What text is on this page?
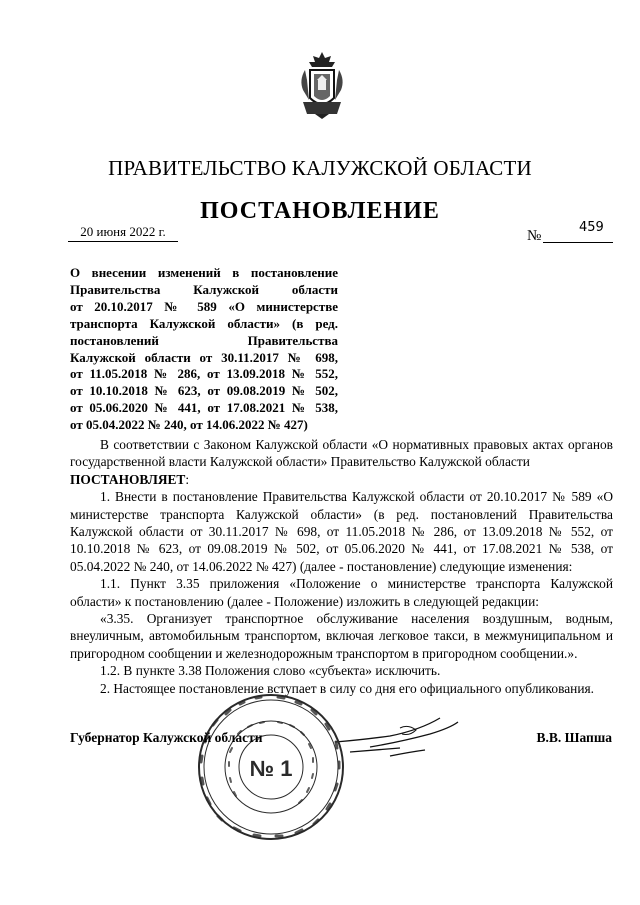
ПРАВИТЕЛЬСТВО КАЛУЖСКОЙ ОБЛАСТИ
ПОСТАНОВЛЕНИЕ
20 июня 2022 г.	№
459
О внесении изменений в постановление
Правительства Калужской области
от 20.10.2017 № 589 «О министерстве
транспорта Калужской области» (в ред.
постановлений Правительства
Калужской области от 30.11.2017 № 698,
от 11.05.2018 № 286, от 13.09.2018 № 552,
от 10.10.2018 № 623, от 09.08.2019 № 502,
от 05.06.2020 № 441, от 17.08.2021 № 538,
от 05.04.2022 № 240, от 14.06.2022 № 427)

В соответствии с Законом Калужской области «О нормативных правовых актах органов государственной власти Калужской области» Правительство Калужской области

ПОСТАНОВЛЯЕТ:

1. Внести в постановление Правительства Калужской области от 20.10.2017 № 589 «О министерстве транспорта Калужской области» (в ред. постановлений Правительства Калужской области от 30.11.2017 № 698, от 11.05.2018 № 286, от 13.09.2018 № 552, от 10.10.2018 № 623, от 09.08.2019 № 502, от 05.06.2020 № 441, от 17.08.2021 № 538, от 05.04.2022 № 240, от 14.06.2022 № 427) (далее - постановление) следующие изменения:

1.1. Пункт 3.35 приложения «Положение о министерстве транспорта Калужской области» к постановлению (далее - Положение) изложить в следующей редакции:

«3.35. Организует транспортное обслуживание населения воздушным, водным, внеуличным, автомобильным транспортом, включая легковое такси, в межмуниципальном и пригородном сообщении и железнодорожным транспортом в пригородном сообщении.».

1.2. В пункте 3.38 Положения слово «субъекта» исключить.

2. Настоящее постановление вступает в силу со дня его официального опубликования.

№ 1
Губернатор Калужской области	В.В. Шапша
